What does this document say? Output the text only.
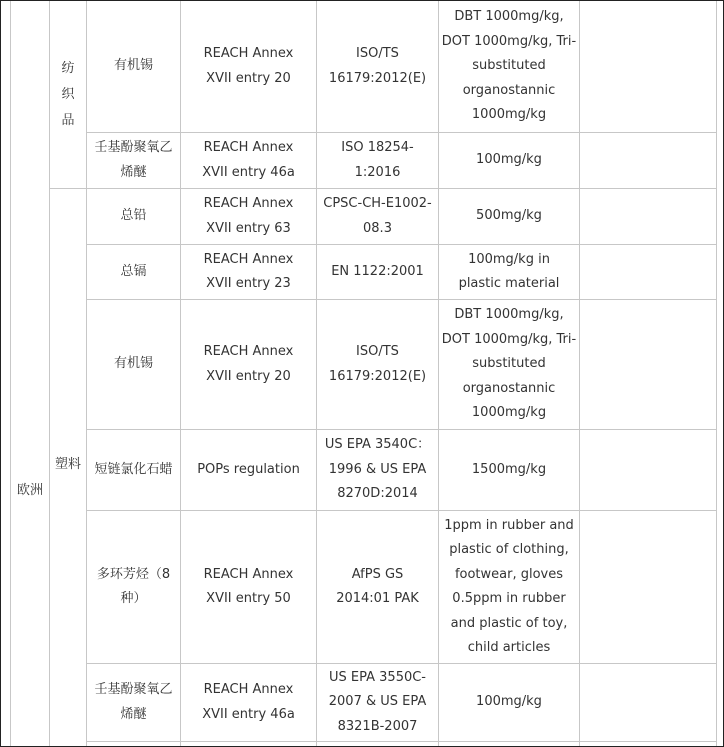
欧洲
纺织品
塑料
有机锡
REACH Annex XVII entry 20
ISO/TS 16179:2012(E)
DBT 1000mg/kg, DOT 1000mg/kg, Tri-substituted organostannic 1000mg/kg
壬基酚聚氧乙烯醚
REACH Annex XVII entry 46a
ISO 18254-1:2016
100mg/kg
总铅
REACH Annex XVII entry 63
CPSC-CH-E1002-08.3
500mg/kg
总镉
REACH Annex XVII entry 23
EN 1122:2001
100mg/kg in plastic material
有机锡
REACH Annex XVII entry 20
ISO/TS 16179:2012(E)
DBT 1000mg/kg, DOT 1000mg/kg, Tri-substituted organostannic 1000mg/kg
短链氯化石蜡 POPs regulation
US EPA 3540C：1996 & US EPA 8270D:2014
1500mg/kg
多环芳烃（8种）
REACH Annex XVII entry 50
AfPS GS 2014:01 PAK
1ppm in rubber and plastic of clothing, footwear, gloves 0.5ppm in rubber and plastic of toy, child articles
壬基酚聚氧乙烯醚
REACH Annex XVII entry 46a
US EPA 3550C-2007 & US EPA 8321B-2007
100mg/kg
